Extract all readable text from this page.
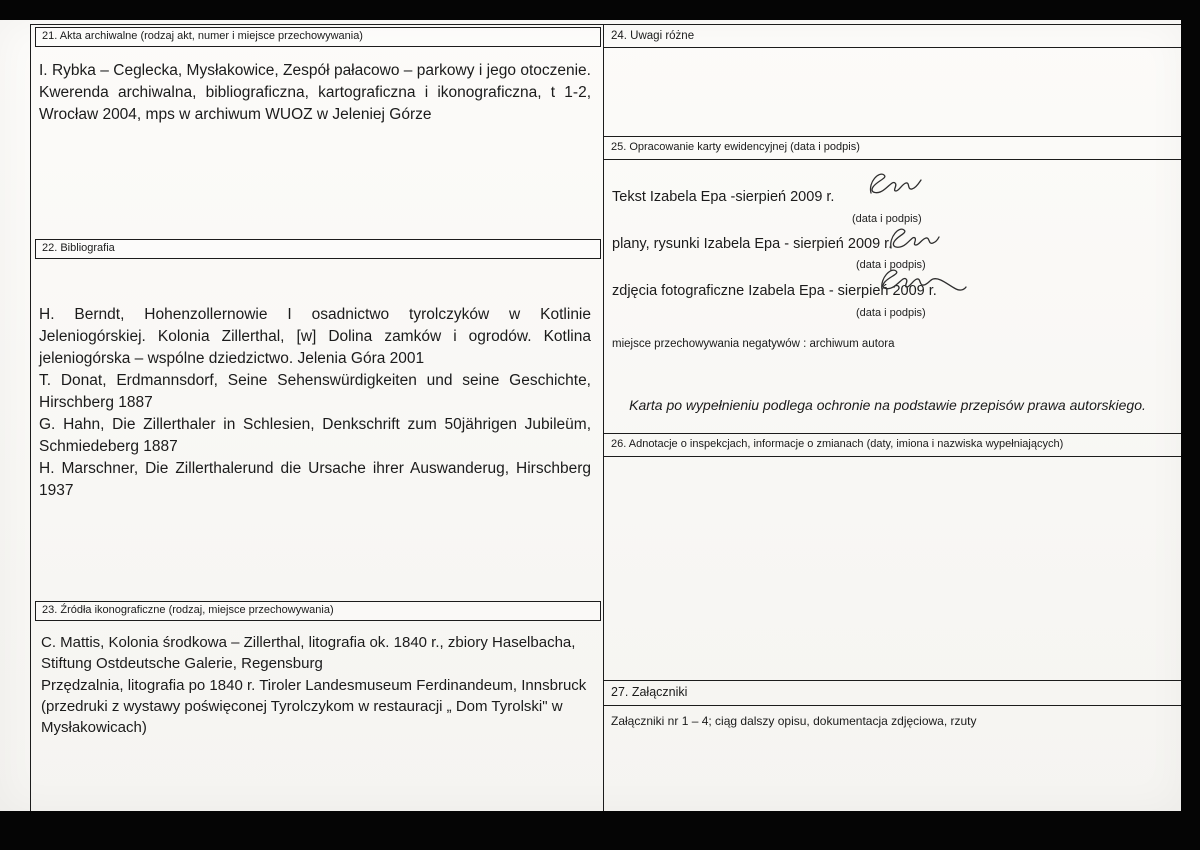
21. Akta archiwalne (rodzaj akt, numer i miejsce przechowywania)

I. Rybka – Ceglecka, Mysłakowice, Zespół pałacowo – parkowy i jego otoczenie. Kwerenda archiwalna, bibliograficzna, kartograficzna i ikonograficzna, t 1-2, Wrocław 2004, mps w archiwum WUOZ w Jeleniej Górze

22. Bibliografia

H. Berndt, Hohenzollernowie I osadnictwo tyrolczyków w Kotlinie Jeleniogórskiej. Kolonia Zillerthal, [w] Dolina zamków i ogrodów. Kotlina jeleniogórska – wspólne dziedzictwo. Jelenia Góra 2001

T. Donat, Erdmannsdorf, Seine Sehenswürdigkeiten und seine Geschichte, Hirschberg 1887

G. Hahn, Die Zillerthaler in Schlesien, Denkschrift zum 50jährigen Jubileüm, Schmiedeberg 1887

H. Marschner, Die Zillerthalerund die Ursache ihrer Auswanderug, Hirschberg 1937

23. Źródła ikonograficzne (rodzaj, miejsce przechowywania)

C. Mattis, Kolonia środkowa – Zillerthal, litografia ok. 1840 r., zbiory Haselbacha, Stiftung Ostdeutsche Galerie, Regensburg

Przędzalnia, litografia po 1840 r. Tiroler Landesmuseum Ferdinandeum, Innsbruck

(przedruki z wystawy poświęconej Tyrolczykom w restauracji „ Dom Tyrolski" w Mysłakowicach)

24. Uwagi różne
25. Opracowanie karty ewidencyjnej (data i podpis)
Tekst Izabela Epa -sierpień 2009 r.
(data i podpis)
plany, rysunki Izabela Epa - sierpień 2009 r.
(data i podpis)
zdjęcia fotograficzne Izabela Epa - sierpień 2009 r.
(data i podpis)
miejsce przechowywania negatywów : archiwum autora
Karta po wypełnieniu podlega ochronie na podstawie przepisów prawa autorskiego.
26. Adnotacje o inspekcjach, informacje o zmianach (daty, imiona i nazwiska wypełniających)
27. Załączniki
Załączniki nr 1 – 4; ciąg dalszy opisu, dokumentacja zdjęciowa, rzuty
